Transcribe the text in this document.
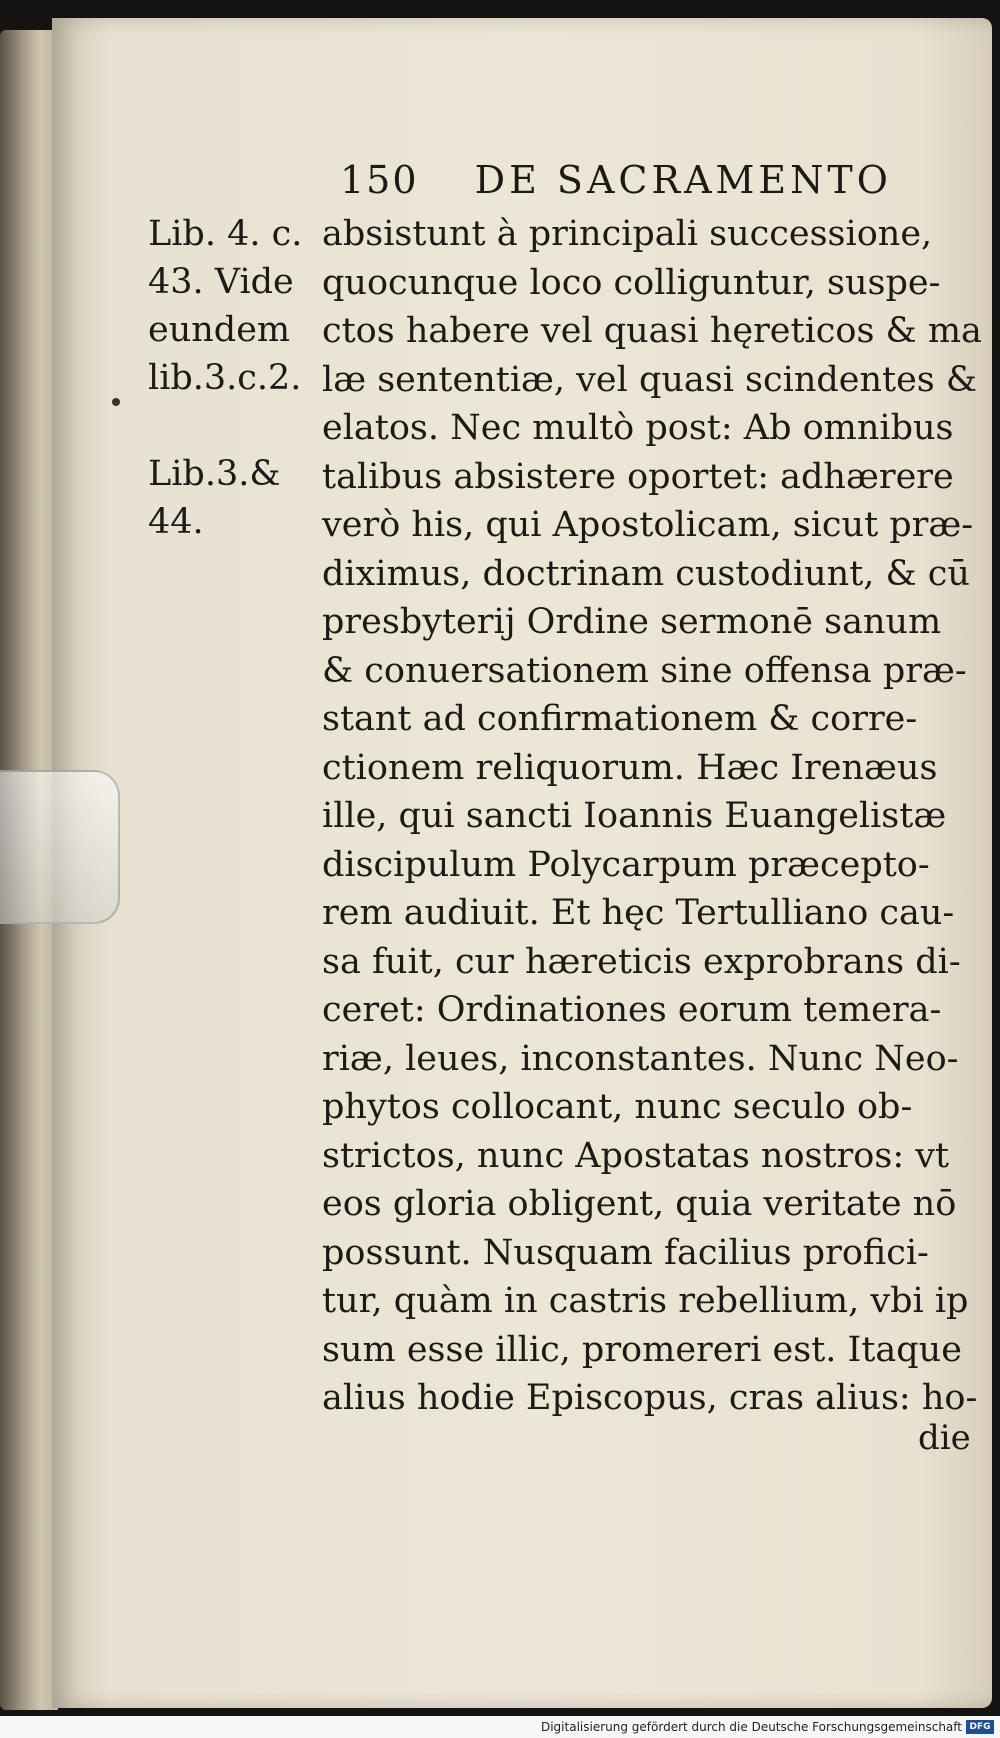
150 DE SACRAMENTO
Lib. 4. c.
43. Vide
eundem
lib.3.c.2.
Lib.3.&
44.
absistunt à principali successione,
quocunque loco colliguntur, suspe-
ctos habere vel quasi hęreticos & ma
læ sententiæ, vel quasi scindentes &
elatos. Nec multò post: Ab omnibus
talibus absistere oportet: adhærere
verò his, qui Apostolicam, sicut præ-
diximus, doctrinam custodiunt, & cū
presbyterij Ordine sermonē sanum
& conuersationem sine offensa præ-
stant ad confirmationem & corre-
ctionem reliquorum. Hæc Irenæus
ille, qui sancti Ioannis Euangelistæ
discipulum Polycarpum præcepto-
rem audiuit. Et hęc Tertulliano cau-
sa fuit, cur hæreticis exprobrans di-
ceret: Ordinationes eorum temera-
riæ, leues, inconstantes. Nunc Neo-
phytos collocant, nunc seculo ob-
strictos, nunc Apostatas nostros: vt
eos gloria obligent, quia veritate nō
possunt. Nusquam facilius profici-
tur, quàm in castris rebellium, vbi ip
sum esse illic, promereri est. Itaque
alius hodie Episcopus, cras alius: ho-
die
Digitalisierung gefördert durch die Deutsche Forschungsgemeinschaft DFG
